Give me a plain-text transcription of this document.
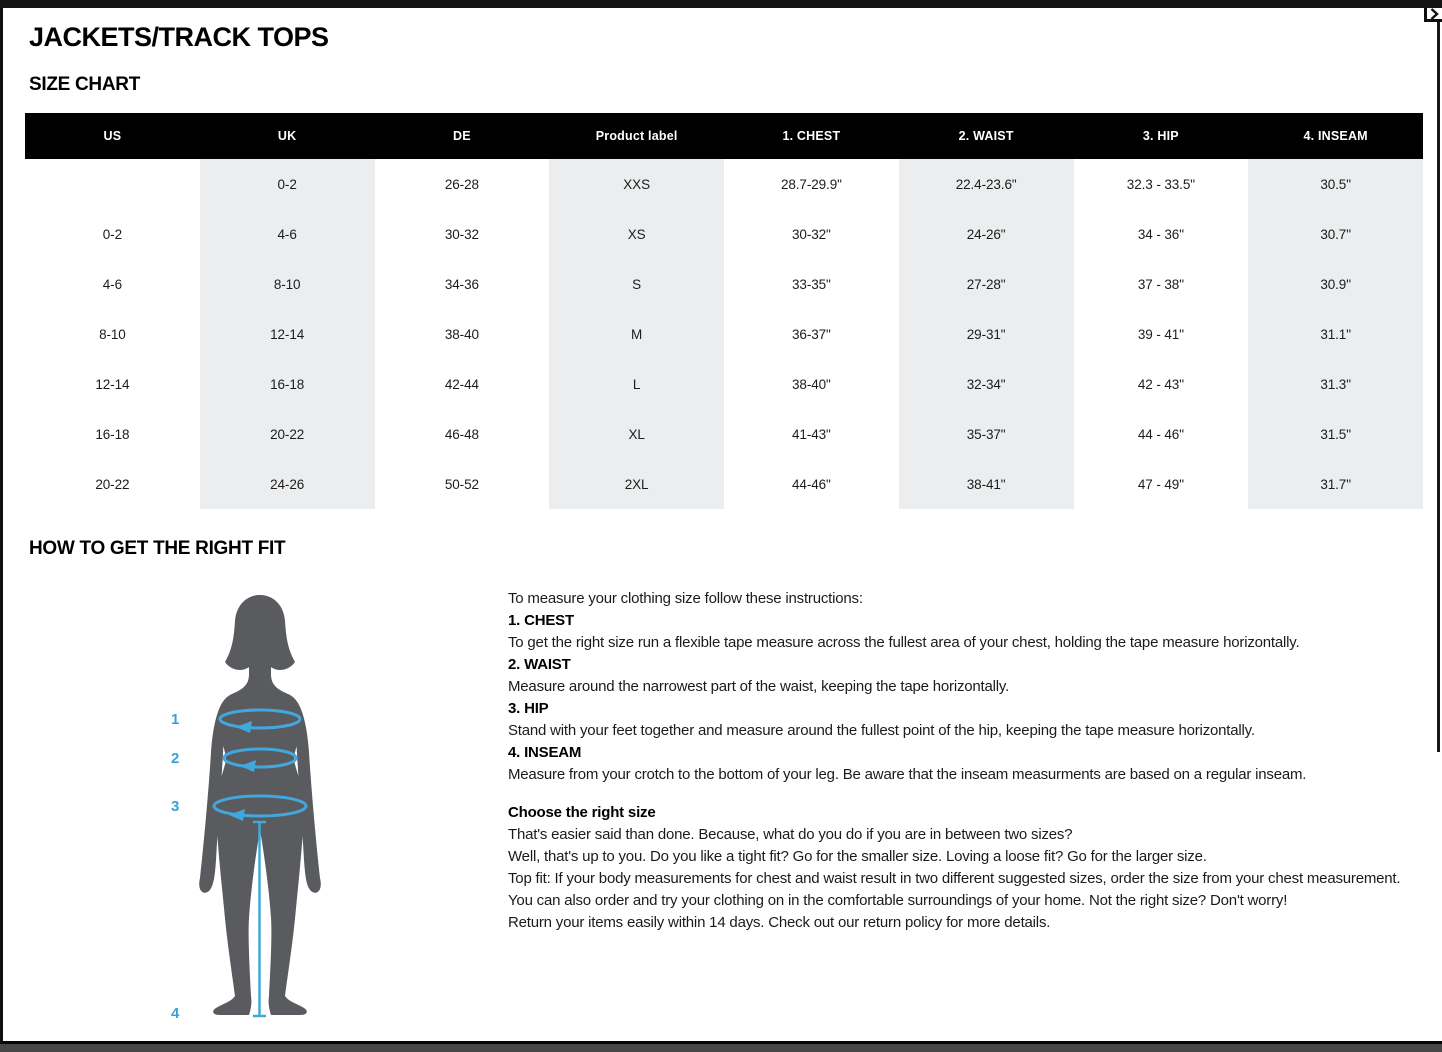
JACKETS/TRACK TOPS
SIZE CHART
US	UK	DE	Product label	1. CHEST	2. WAIST	3. HIP	4. INSEAM
	0-2	26-28	XXS	28.7-29.9"	22.4-23.6"	32.3 - 33.5"	30.5"
0-2	4-6	30-32	XS	30-32"	24-26"	34 - 36"	30.7"
4-6	8-10	34-36	S	33-35"	27-28"	37 - 38"	30.9"
8-10	12-14	38-40	M	36-37"	29-31"	39 - 41"	31.1"
12-14	16-18	42-44	L	38-40"	32-34"	42 - 43"	31.3"
16-18	20-22	46-48	XL	41-43"	35-37"	44 - 46"	31.5"
20-22	24-26	50-52	2XL	44-46"	38-41"	47 - 49"	31.7"
HOW TO GET THE RIGHT FIT
1
2
3
4

To measure your clothing size follow these instructions:

1. CHEST

To get the right size run a flexible tape measure across the fullest area of your chest, holding the tape measure horizontally.

2. WAIST

Measure around the narrowest part of the waist, keeping the tape horizontally.

3. HIP

Stand with your feet together and measure around the fullest point of the hip, keeping the tape measure horizontally.

4. INSEAM

Measure from your crotch to the bottom of your leg. Be aware that the inseam measurments are based on a regular inseam.

Choose the right size

That's easier said than done. Because, what do you do if you are in between two sizes?

Well, that's up to you. Do you like a tight fit? Go for the smaller size. Loving a loose fit? Go for the larger size.

Top fit: If your body measurements for chest and waist result in two different suggested sizes, order the size from your chest measurement.

You can also order and try your clothing on in the comfortable surroundings of your home. Not the right size? Don't worry!

Return your items easily within 14 days. Check out our return policy for more details.
